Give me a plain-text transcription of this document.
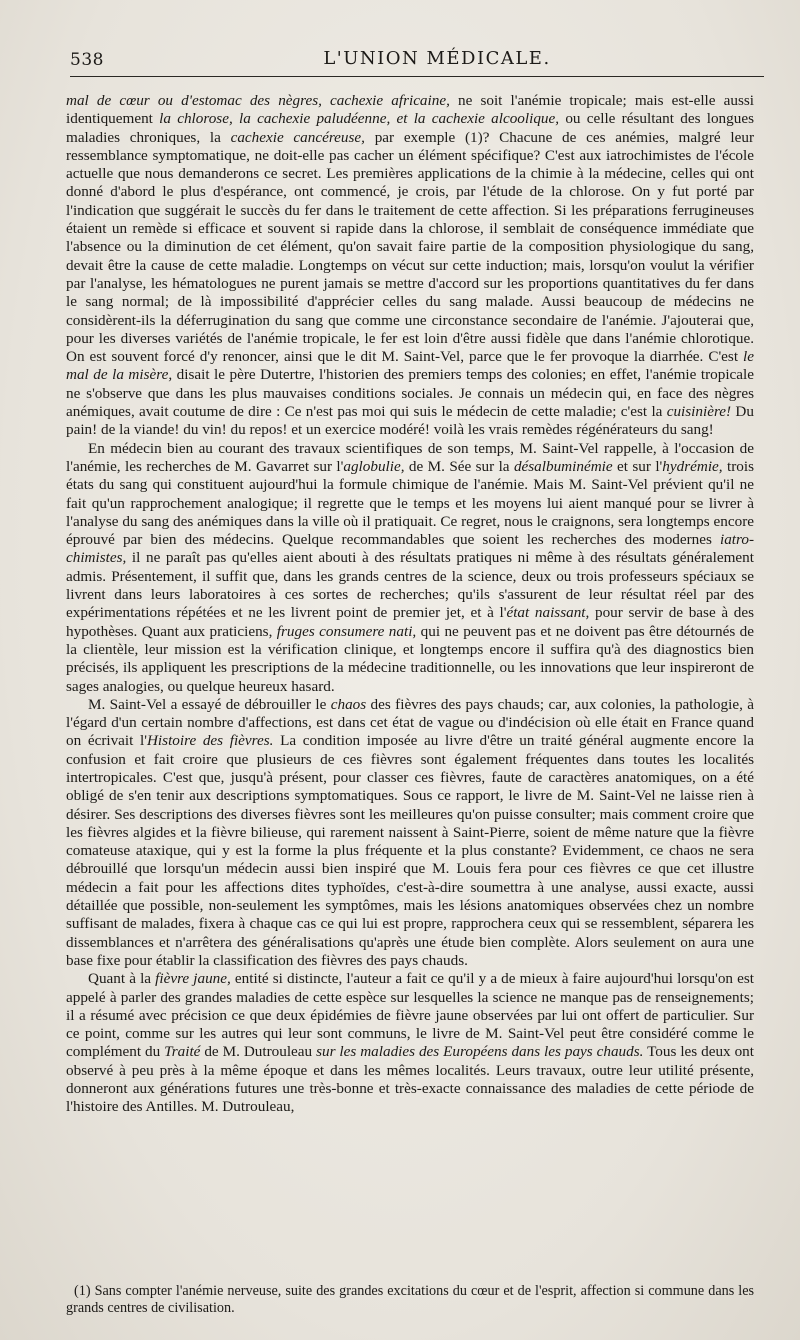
538	L'UNION MÉDICALE.

mal de cœur ou d'estomac des nègres, cachexie africaine, ne soit l'anémie tropicale; mais est-elle aussi identiquement la chlorose, la cachexie paludéenne, et la cachexie alcoolique, ou celle résultant des longues maladies chroniques, la cachexie cancéreuse, par exemple (1)? Chacune de ces anémies, malgré leur ressemblance symptomatique, ne doit-elle pas cacher un élément spécifique? C'est aux iatrochimistes de l'école actuelle que nous demanderons ce secret. Les premières applications de la chimie à la médecine, celles qui ont donné d'abord le plus d'espérance, ont commencé, je crois, par l'étude de la chlorose. On y fut porté par l'indication que suggérait le succès du fer dans le traitement de cette affection. Si les préparations ferrugineuses étaient un remède si efficace et souvent si rapide dans la chlorose, il semblait de conséquence immédiate que l'absence ou la diminution de cet élément, qu'on savait faire partie de la composition physiologique du sang, devait être la cause de cette maladie. Longtemps on vécut sur cette induction; mais, lorsqu'on voulut la vérifier par l'analyse, les hématologues ne purent jamais se mettre d'accord sur les proportions quantitatives du fer dans le sang normal; de là impossibilité d'apprécier celles du sang malade. Aussi beaucoup de médecins ne considèrent-ils la déferrugination du sang que comme une circonstance secondaire de l'anémie. J'ajouterai que, pour les diverses variétés de l'anémie tropicale, le fer est loin d'être aussi fidèle que dans l'anémie chlorotique. On est souvent forcé d'y renoncer, ainsi que le dit M. Saint-Vel, parce que le fer provoque la diarrhée. C'est le mal de la misère, disait le père Dutertre, l'historien des premiers temps des colonies; en effet, l'anémie tropicale ne s'observe que dans les plus mauvaises conditions sociales. Je connais un médecin qui, en face des nègres anémiques, avait coutume de dire : Ce n'est pas moi qui suis le médecin de cette maladie; c'est la cuisinière! Du pain! de la viande! du vin! du repos! et un exercice modéré! voilà les vrais remèdes régénérateurs du sang!

En médecin bien au courant des travaux scientifiques de son temps, M. Saint-Vel rappelle, à l'occasion de l'anémie, les recherches de M. Gavarret sur l'aglobulie, de M. Sée sur la désalbuminémie et sur l'hydrémie, trois états du sang qui constituent aujourd'hui la formule chimique de l'anémie. Mais M. Saint-Vel prévient qu'il ne fait qu'un rapprochement analogique; il regrette que le temps et les moyens lui aient manqué pour se livrer à l'analyse du sang des anémiques dans la ville où il pratiquait. Ce regret, nous le craignons, sera longtemps encore éprouvé par bien des médecins. Quelque recommandables que soient les recherches des modernes iatro-chimistes, il ne paraît pas qu'elles aient abouti à des résultats pratiques ni même à des résultats généralement admis. Présentement, il suffit que, dans les grands centres de la science, deux ou trois professeurs spéciaux se livrent dans leurs laboratoires à ces sortes de recherches; qu'ils s'assurent de leur résultat réel par des expérimentations répétées et ne les livrent point de premier jet, et à l'état naissant, pour servir de base à des hypothèses. Quant aux praticiens, fruges consumere nati, qui ne peuvent pas et ne doivent pas être détournés de la clientèle, leur mission est la vérification clinique, et longtemps encore il suffira qu'à des diagnostics bien précisés, ils appliquent les prescriptions de la médecine traditionnelle, ou les innovations que leur inspireront de sages analogies, ou quelque heureux hasard.

M. Saint-Vel a essayé de débrouiller le chaos des fièvres des pays chauds; car, aux colonies, la pathologie, à l'égard d'un certain nombre d'affections, est dans cet état de vague ou d'indécision où elle était en France quand on écrivait l'Histoire des fièvres. La condition imposée au livre d'être un traité général augmente encore la confusion et fait croire que plusieurs de ces fièvres sont également fréquentes dans toutes les localités intertropicales. C'est que, jusqu'à présent, pour classer ces fièvres, faute de caractères anatomiques, on a été obligé de s'en tenir aux descriptions symptomatiques. Sous ce rapport, le livre de M. Saint-Vel ne laisse rien à désirer. Ses descriptions des diverses fièvres sont les meilleures qu'on puisse consulter; mais comment croire que les fièvres algides et la fièvre bilieuse, qui rarement naissent à Saint-Pierre, soient de même nature que la fièvre comateuse ataxique, qui y est la forme la plus fréquente et la plus constante? Evidemment, ce chaos ne sera débrouillé que lorsqu'un médecin aussi bien inspiré que M. Louis fera pour ces fièvres ce que cet illustre médecin a fait pour les affections dites typhoïdes, c'est-à-dire soumettra à une analyse, aussi exacte, aussi détaillée que possible, non-seulement les symptômes, mais les lésions anatomiques observées chez un nombre suffisant de malades, fixera à chaque cas ce qui lui est propre, rapprochera ceux qui se ressemblent, séparera les dissemblances et n'arrêtera des généralisations qu'après une étude bien complète. Alors seulement on aura une base fixe pour établir la classification des fièvres des pays chauds.

Quant à la fièvre jaune, entité si distincte, l'auteur a fait ce qu'il y a de mieux à faire aujourd'hui lorsqu'on est appelé à parler des grandes maladies de cette espèce sur lesquelles la science ne manque pas de renseignements; il a résumé avec précision ce que deux épidémies de fièvre jaune observées par lui ont offert de particulier. Sur ce point, comme sur les autres qui leur sont communs, le livre de M. Saint-Vel peut être considéré comme le complément du Traité de M. Dutrouleau sur les maladies des Européens dans les pays chauds. Tous les deux ont observé à peu près à la même époque et dans les mêmes localités. Leurs travaux, outre leur utilité présente, donneront aux générations futures une très-bonne et très-exacte connaissance des maladies de cette période de l'histoire des Antilles. M. Dutrouleau,

(1) Sans compter l'anémie nerveuse, suite des grandes excitations du cœur et de l'esprit, affection si commune dans les grands centres de civilisation.
